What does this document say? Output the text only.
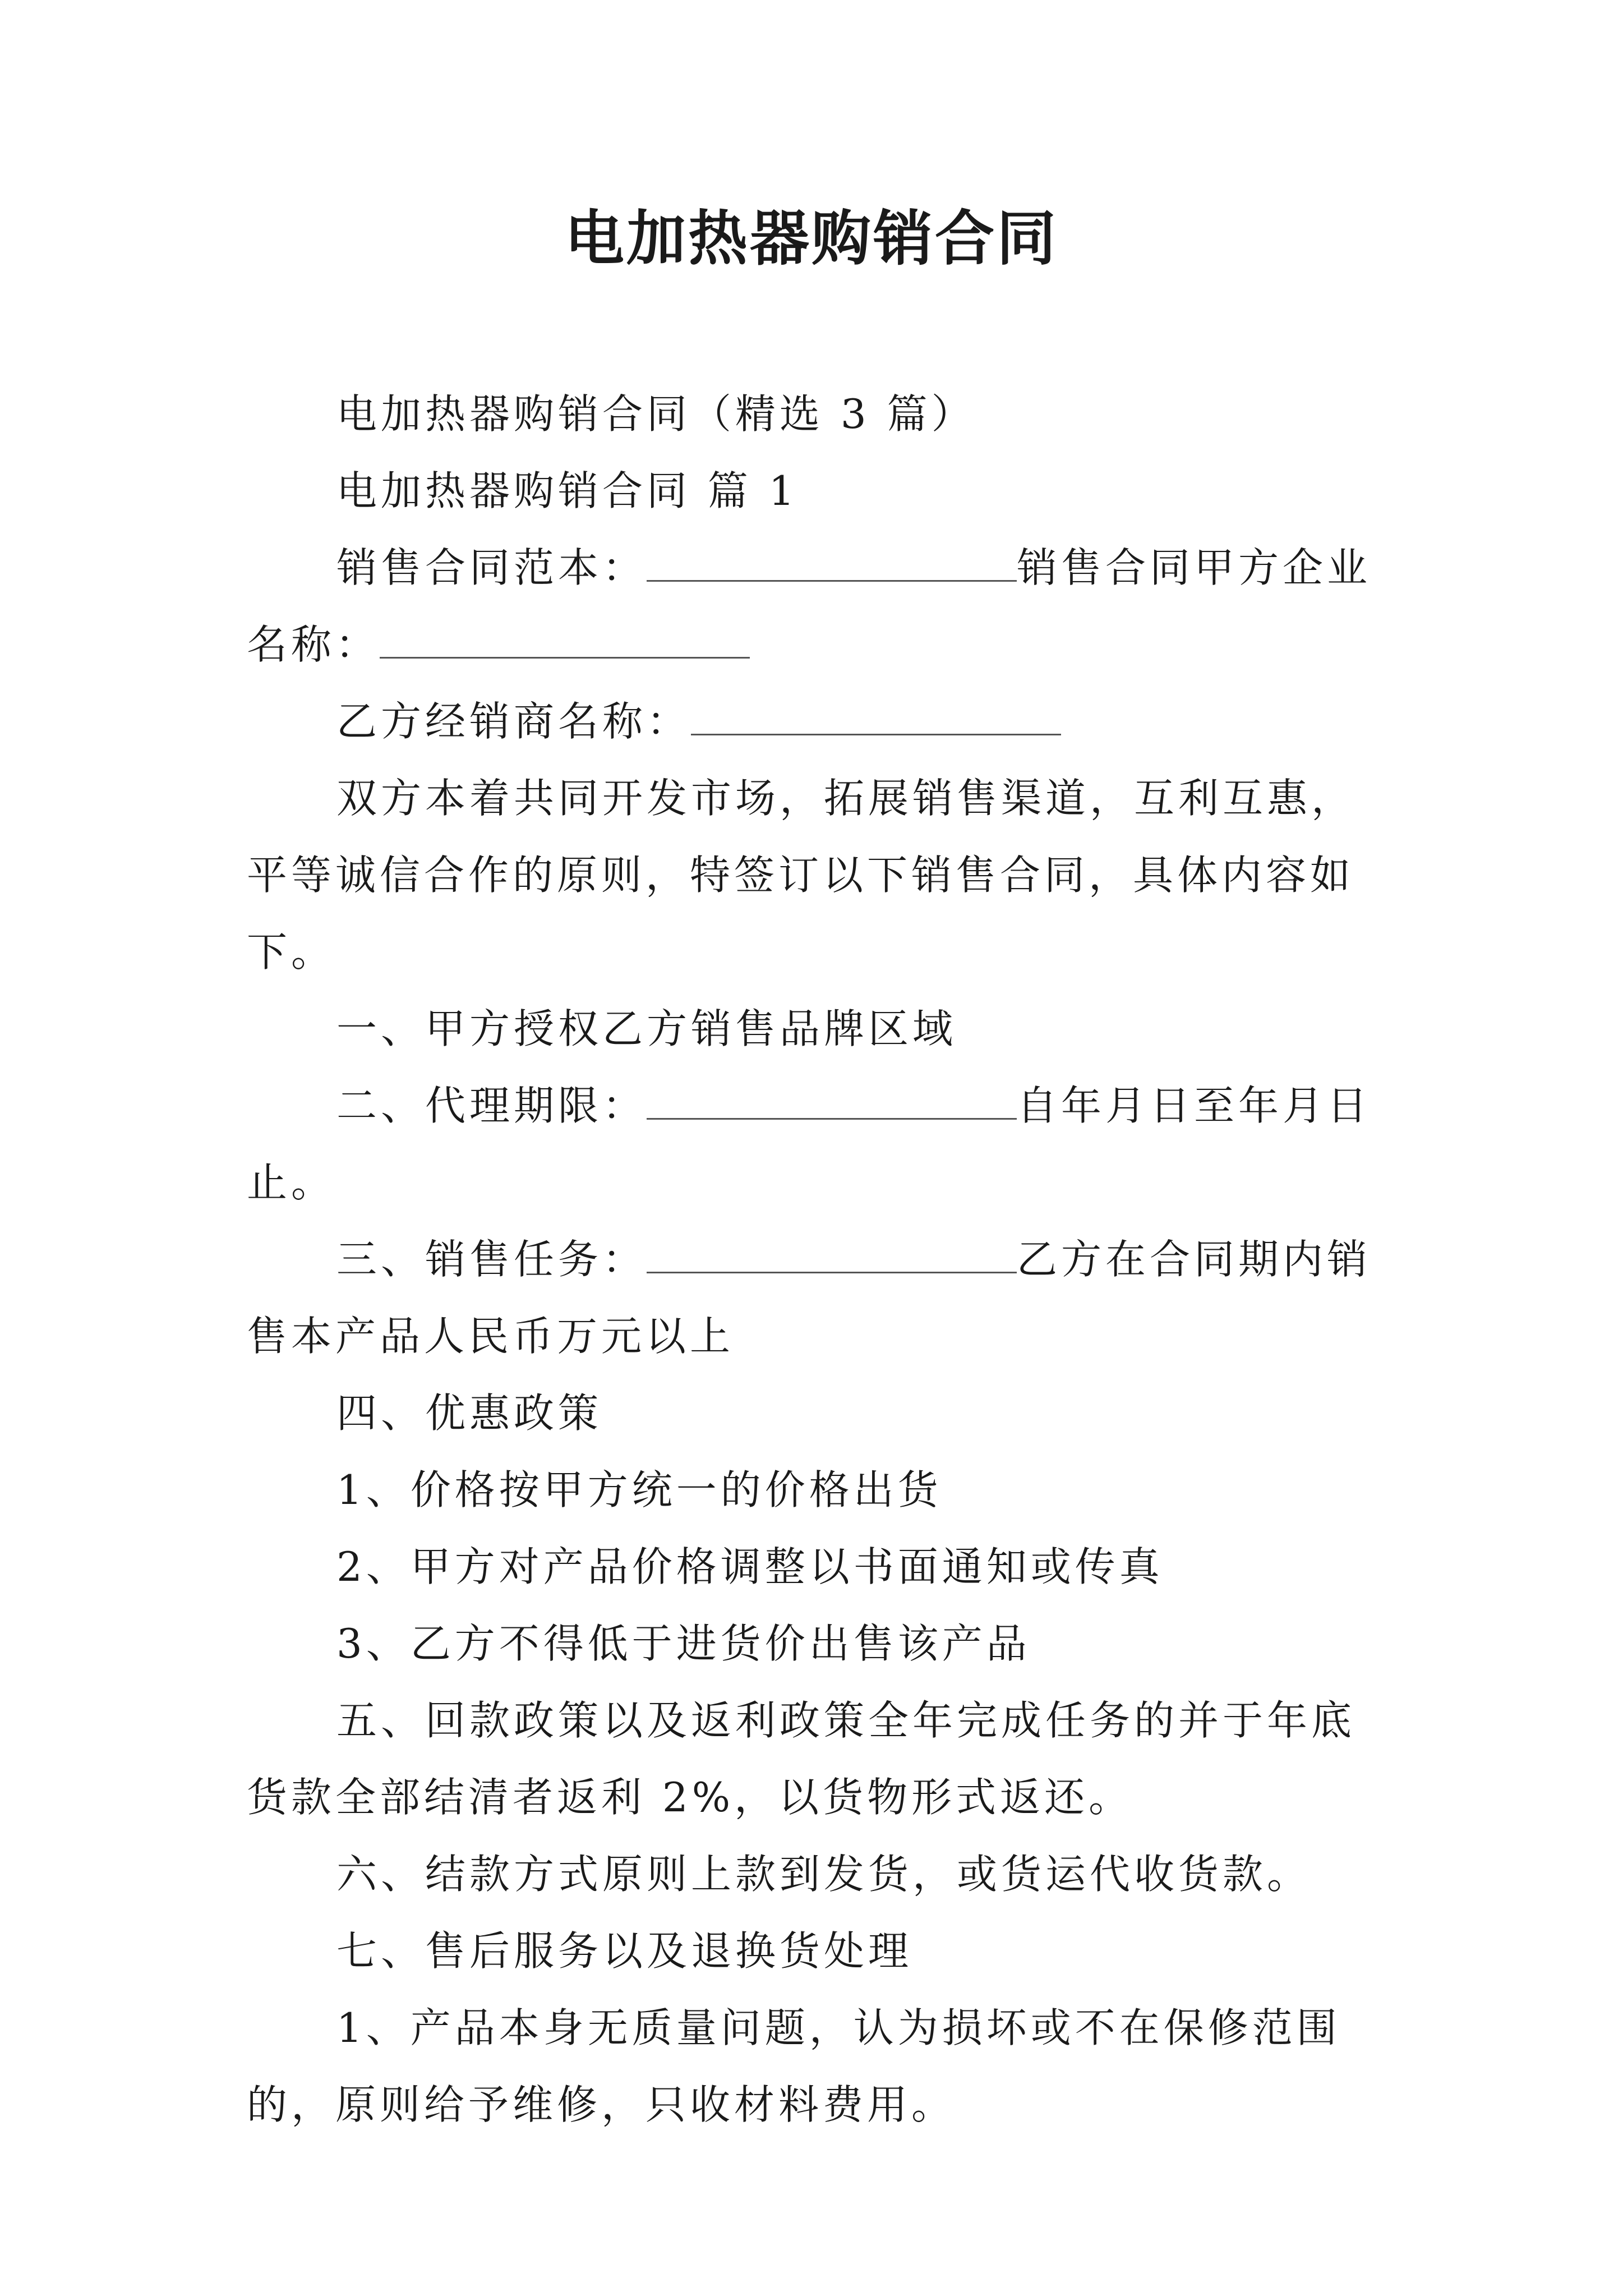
电加热器购销合同

电加热器购销合同（精选 3 篇）

电加热器购销合同 篇 1

销售合同范本：	销售合同甲方企业名称：

乙方经销商名称：

双方本着共同开发市场，拓展销售渠道，互利互惠，平等诚信合作的原则，特签订以下销售合同，具体内容如下。

一、甲方授权乙方销售品牌区域

二、代理期限：	自年月日至年月日止。

三、销售任务：	乙方在合同期内销售本产品人民币万元以上

四、优惠政策

1、价格按甲方统一的价格出货

2、甲方对产品价格调整以书面通知或传真

3、乙方不得低于进货价出售该产品

五、回款政策以及返利政策全年完成任务的并于年底货款全部结清者返利 2%，以货物形式返还。

六、结款方式原则上款到发货，或货运代收货款。

七、售后服务以及退换货处理

1、产品本身无质量问题，认为损坏或不在保修范围的，原则给予维修，只收材料费用。
